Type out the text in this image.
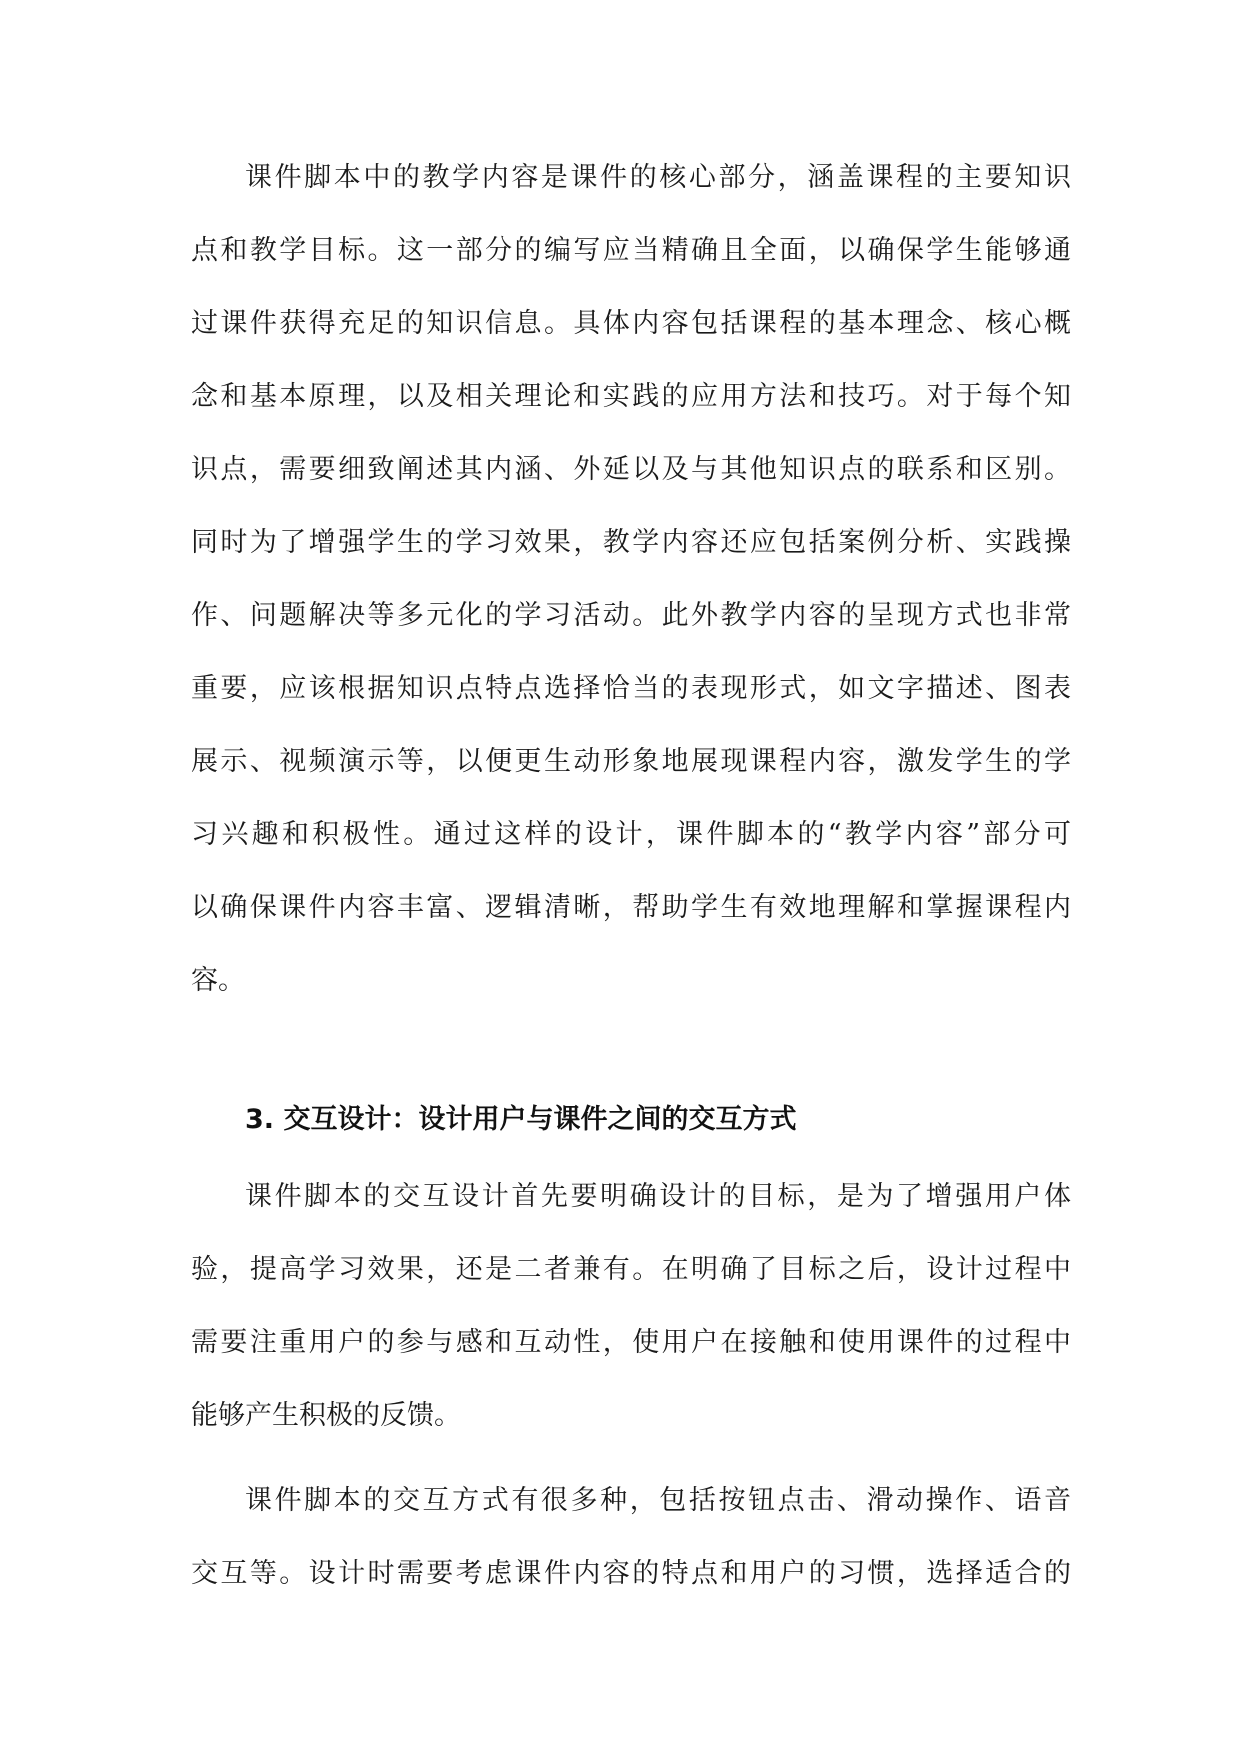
课件脚本中的教学内容是课件的核心部分，涵盖课程的主要知识
点和教学目标。这一部分的编写应当精确且全面，以确保学生能够通
过课件获得充足的知识信息。具体内容包括课程的基本理念、核心概
念和基本原理，以及相关理论和实践的应用方法和技巧。对于每个知
识点，需要细致阐述其内涵、外延以及与其他知识点的联系和区别。
同时为了增强学生的学习效果，教学内容还应包括案例分析、实践操
作、问题解决等多元化的学习活动。此外教学内容的呈现方式也非常
重要，应该根据知识点特点选择恰当的表现形式，如文字描述、图表
展示、视频演示等，以便更生动形象地展现课程内容，激发学生的学
习兴趣和积极性。通过这样的设计，课件脚本的“教学内容”部分可
以确保课件内容丰富、逻辑清晰，帮助学生有效地理解和掌握课程内
容。
3. 交互设计：设计用户与课件之间的交互方式
课件脚本的交互设计首先要明确设计的目标，是为了增强用户体
验，提高学习效果，还是二者兼有。在明确了目标之后，设计过程中
需要注重用户的参与感和互动性，使用户在接触和使用课件的过程中
能够产生积极的反馈。
课件脚本的交互方式有很多种，包括按钮点击、滑动操作、语音
交互等。设计时需要考虑课件内容的特点和用户的习惯，选择适合的
